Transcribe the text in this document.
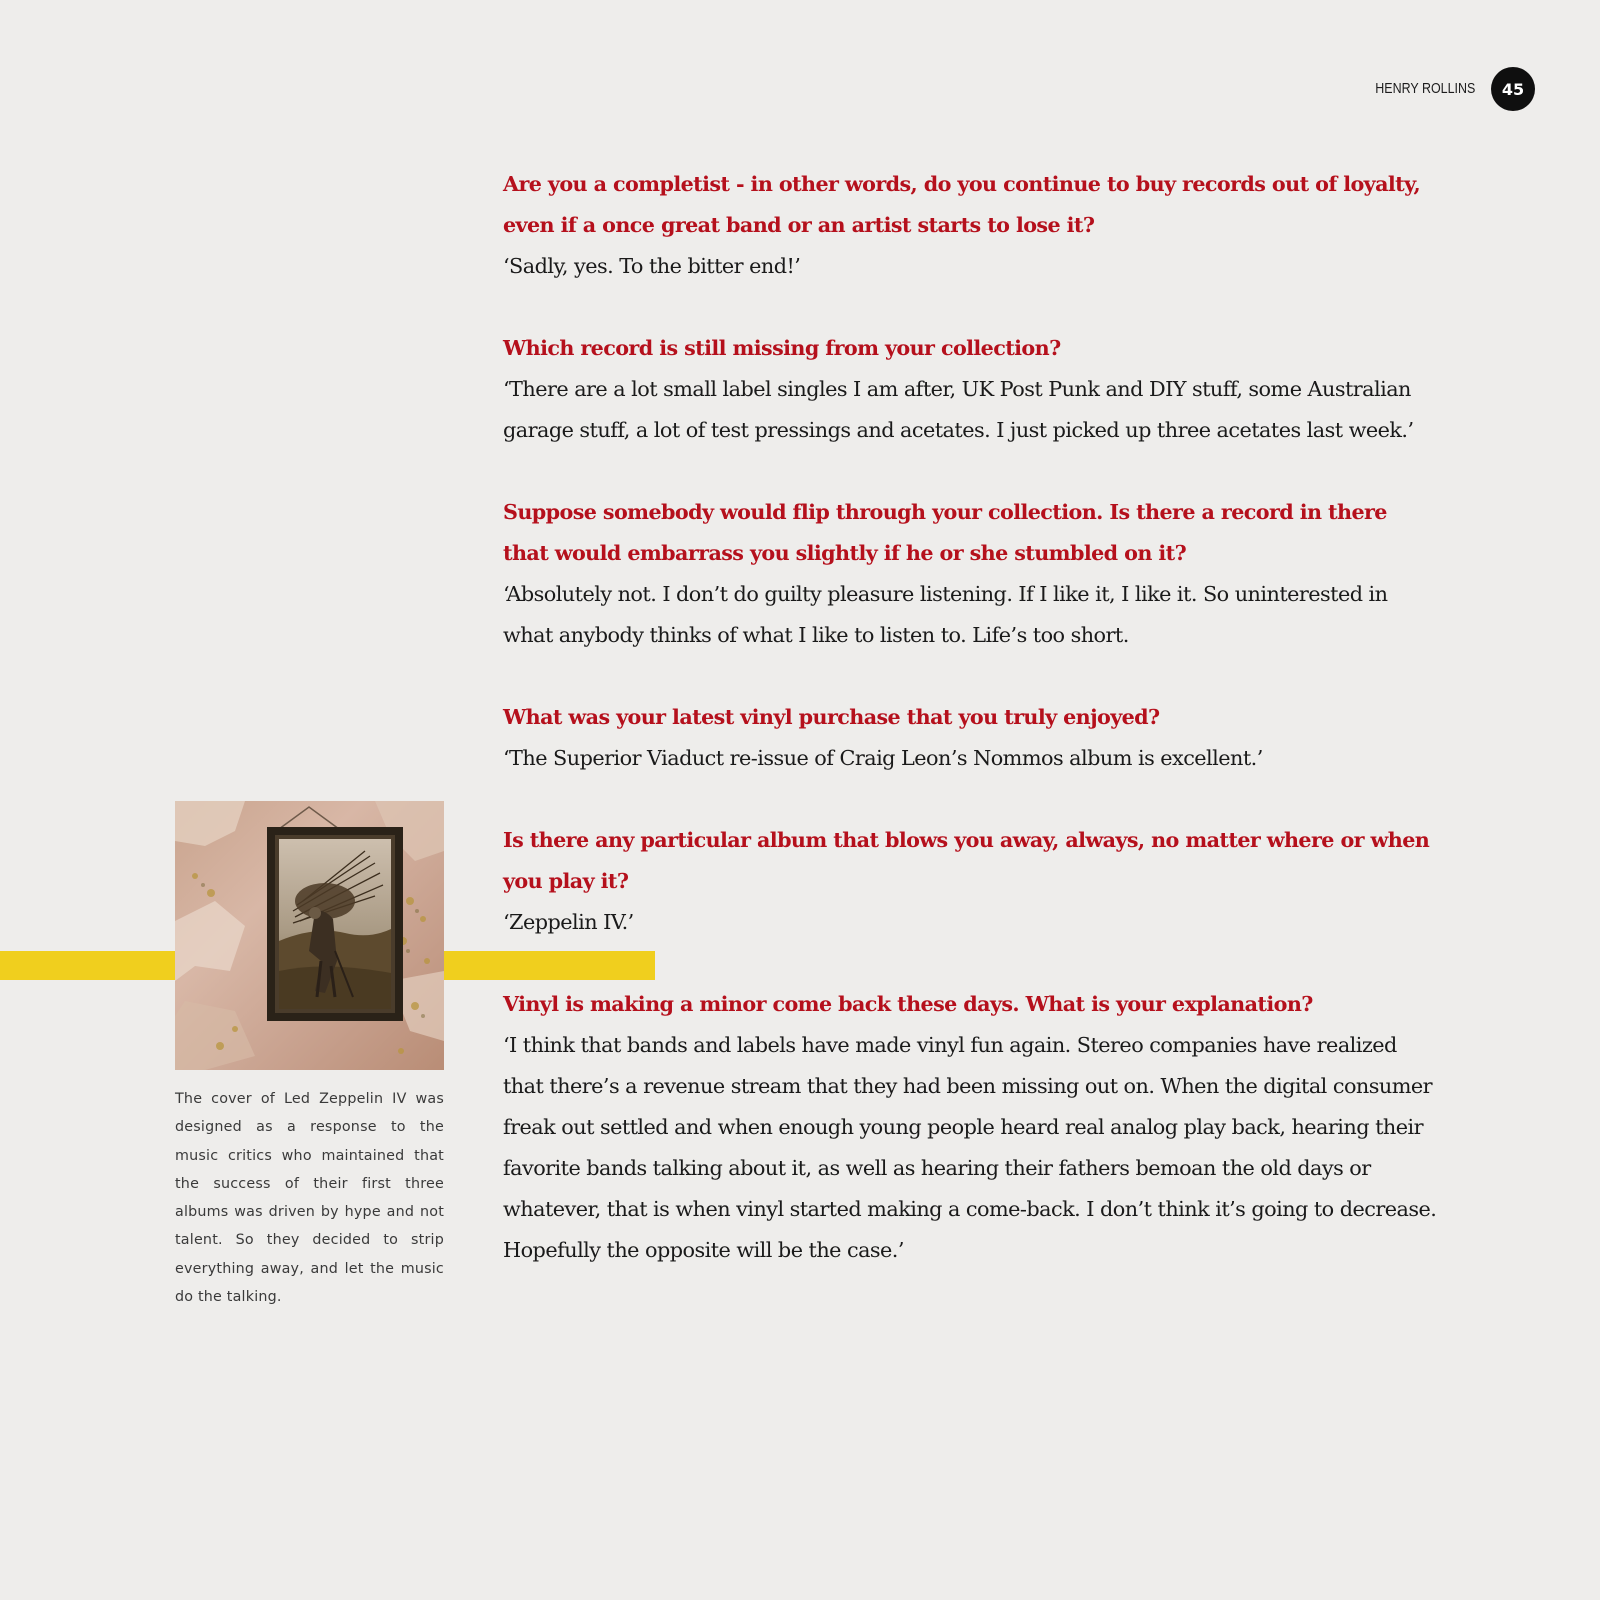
HENRY ROLLINS	45
The cover of Led Zeppelin IV was designed as a response to the music critics who maintained that the success of their first three albums was driven by hype and not talent. So they decided to strip everything away, and let the music do the talking.

Are you a completist - in other words, do you continue to buy records out of loyalty, even if a once great band or an artist starts to lose it?

‘Sadly, yes. To the bitter end!’

Which record is still missing from your collection?

‘There are a lot small label singles I am after, UK Post Punk and DIY stuff, some Australian garage stuff, a lot of test pressings and acetates. I just picked up three acetates last week.’

Suppose somebody would flip through your collection. Is there a record in there that would embarrass you slightly if he or she stumbled on it?

‘Absolutely not. I don’t do guilty pleasure listening. If I like it, I like it. So uninterested in what anybody thinks of what I like to listen to. Life’s too short.

What was your latest vinyl purchase that you truly enjoyed?

‘The Superior Viaduct re-issue of Craig Leon’s Nommos album is excellent.’

Is there any particular album that blows you away, always, no matter where or when you play it?

‘Zeppelin IV.’

Vinyl is making a minor come back these days. What is your explanation?

‘I think that bands and labels have made vinyl fun again. Stereo companies have realized that there’s a revenue stream that they had been missing out on. When the digital consumer freak out settled and when enough young people heard real analog play back, hearing their favorite bands talking about it, as well as hearing their fathers bemoan the old days or whatever, that is when vinyl started making a come-back. I don’t think it’s going to decrease. Hopefully the opposite will be the case.’
